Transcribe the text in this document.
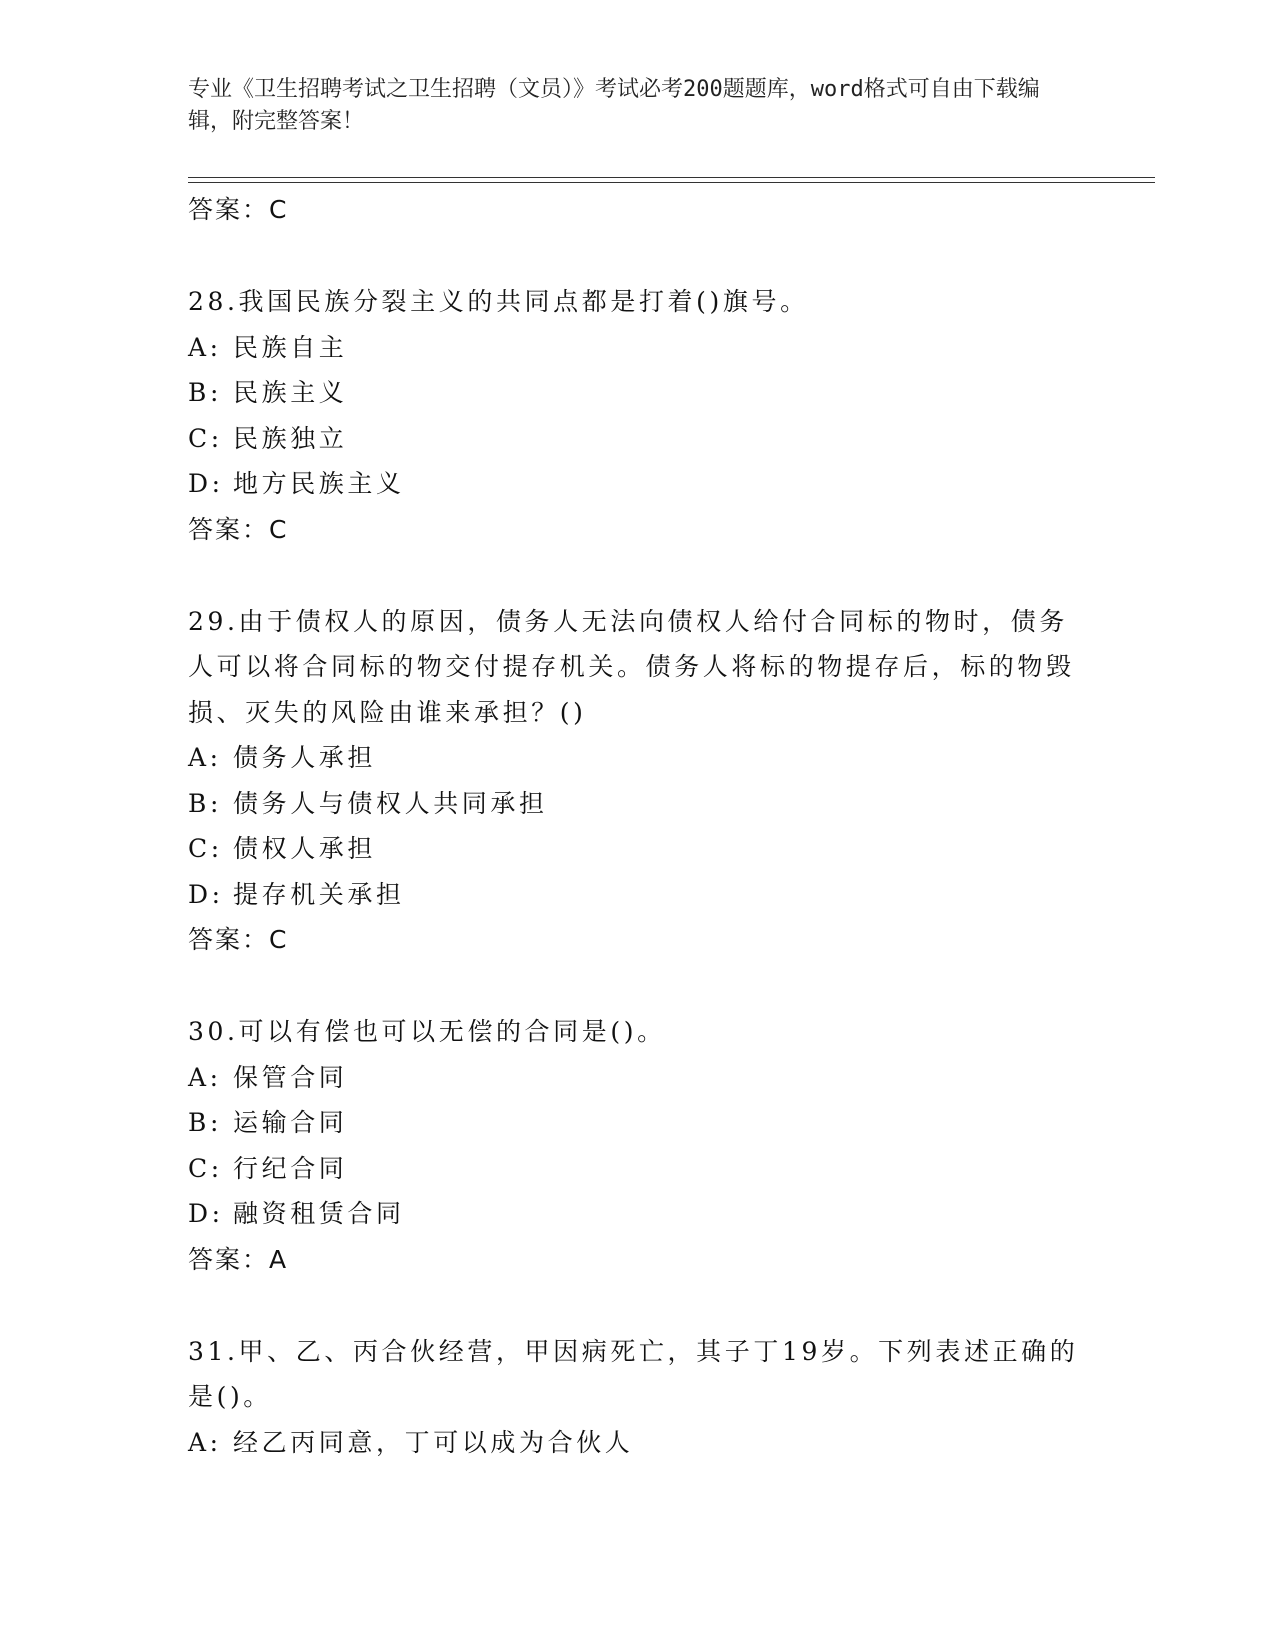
专业《卫生招聘考试之卫生招聘（文员）》考试必考200题题库，word格式可自由下载编辑，附完整答案！

答案：C

28.我国民族分裂主义的共同点都是打着()旗号。

A: 民族自主

B: 民族主义

C: 民族独立

D: 地方民族主义

答案：C

29.由于债权人的原因，债务人无法向债权人给付合同标的物时，债务人可以将合同标的物交付提存机关。债务人将标的物提存后，标的物毁损、灭失的风险由谁来承担？()

A: 债务人承担

B: 债务人与债权人共同承担

C: 债权人承担

D: 提存机关承担

答案：C

30.可以有偿也可以无偿的合同是()。

A: 保管合同

B: 运输合同

C: 行纪合同

D: 融资租赁合同

答案：A

31.甲、乙、丙合伙经营，甲因病死亡，其子丁19岁。下列表述正确的是()。

A: 经乙丙同意，丁可以成为合伙人
